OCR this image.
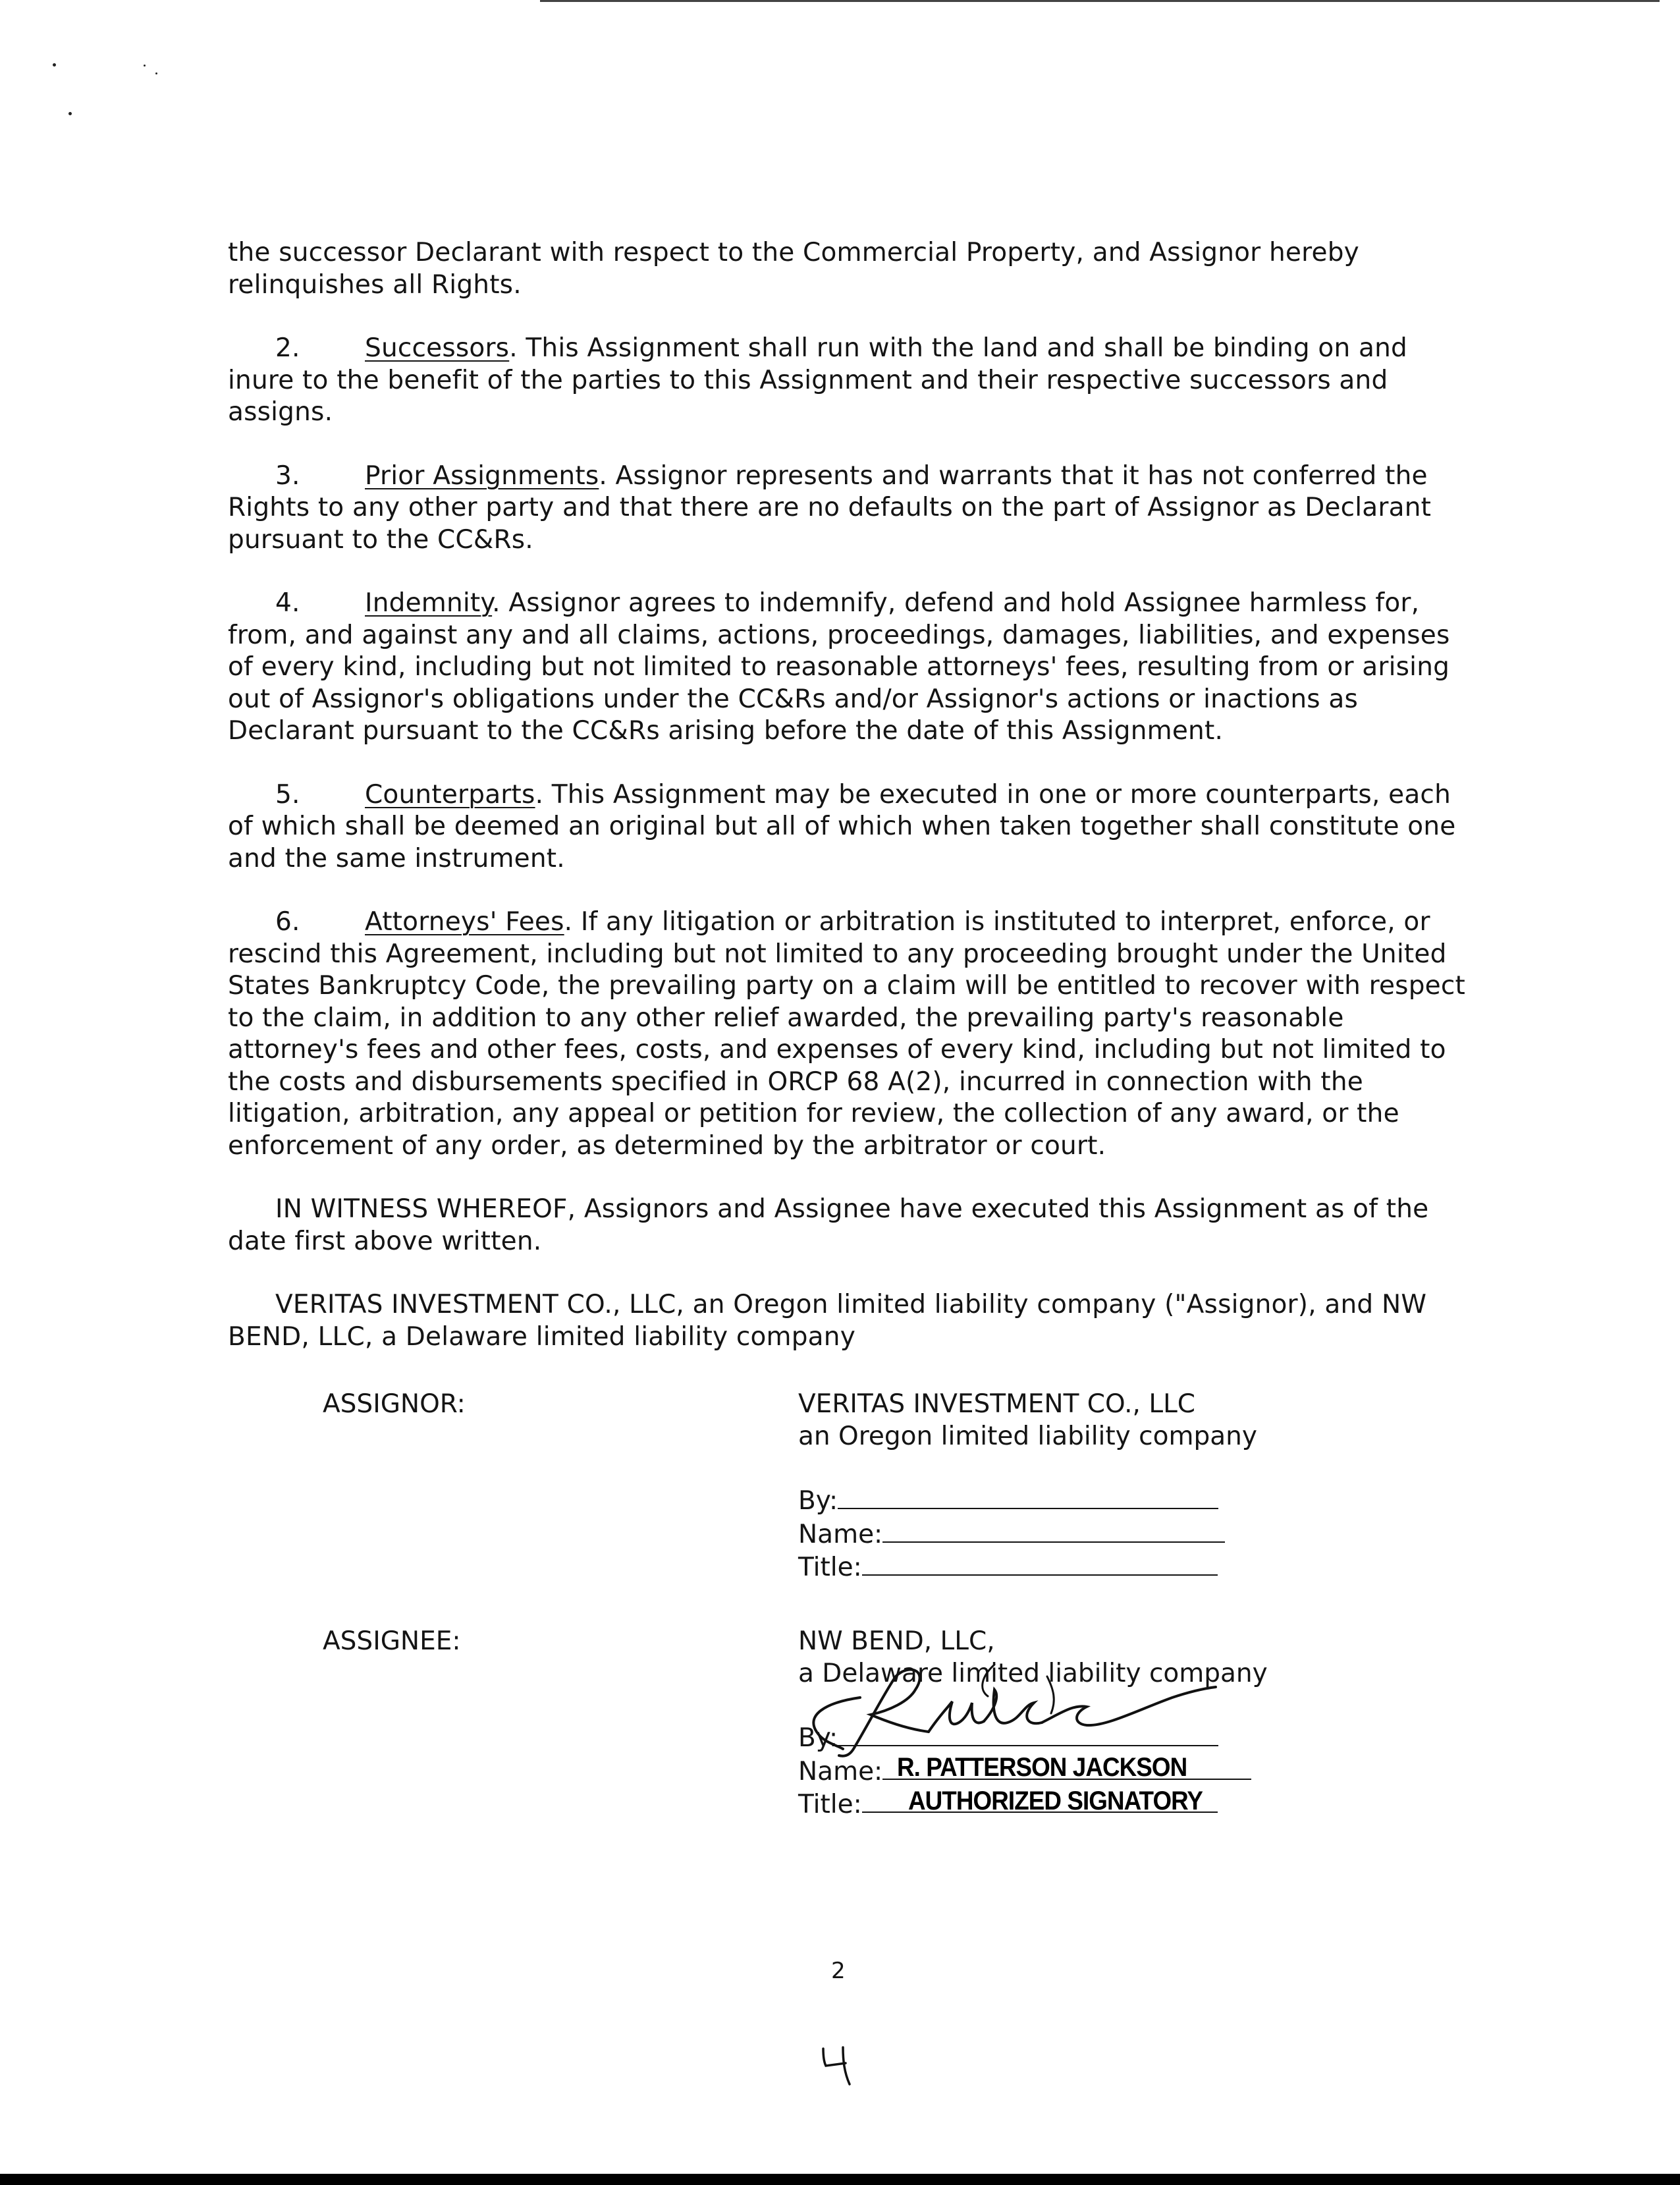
the successor Declarant with respect to the Commercial Property, and Assignor hereby relinquishes all Rights.

2.	Successors. This Assignment shall run with the land and shall be binding on and inure to the benefit of the parties to this Assignment and their respective successors and assigns.

3.	Prior Assignments. Assignor represents and warrants that it has not conferred the Rights to any other party and that there are no defaults on the part of Assignor as Declarant pursuant to the CC&Rs.

4.	Indemnity. Assignor agrees to indemnify, defend and hold Assignee harmless for, from, and against any and all claims, actions, proceedings, damages, liabilities, and expenses of every kind, including but not limited to reasonable attorneys' fees, resulting from or arising out of Assignor's obligations under the CC&Rs and/or Assignor's actions or inactions as Declarant pursuant to the CC&Rs arising before the date of this Assignment.

5.	Counterparts. This Assignment may be executed in one or more counterparts, each of which shall be deemed an original but all of which when taken together shall constitute one and the same instrument.

6.	Attorneys' Fees. If any litigation or arbitration is instituted to interpret, enforce, or rescind this Agreement, including but not limited to any proceeding brought under the United States Bankruptcy Code, the prevailing party on a claim will be entitled to recover with respect to the claim, in addition to any other relief awarded, the prevailing party's reasonable attorney's fees and other fees, costs, and expenses of every kind, including but not limited to the costs and disbursements specified in ORCP 68 A(2), incurred in connection with the litigation, arbitration, any appeal or petition for review, the collection of any award, or the enforcement of any order, as determined by the arbitrator or court.

IN WITNESS WHEREOF, Assignors and Assignee have executed this Assignment as of the date first above written.

VERITAS INVESTMENT CO., LLC, an Oregon limited liability company ("Assignor), and NW BEND, LLC, a Delaware limited liability company

ASSIGNOR:	VERITAS INVESTMENT CO., LLC
an Oregon limited liability company
By:
Name:
Title:
ASSIGNEE:	NW BEND, LLC,
a Delaware limited liability company
By:
Name: R. PATTERSON JACKSON
Title: AUTHORIZED SIGNATORY
2
